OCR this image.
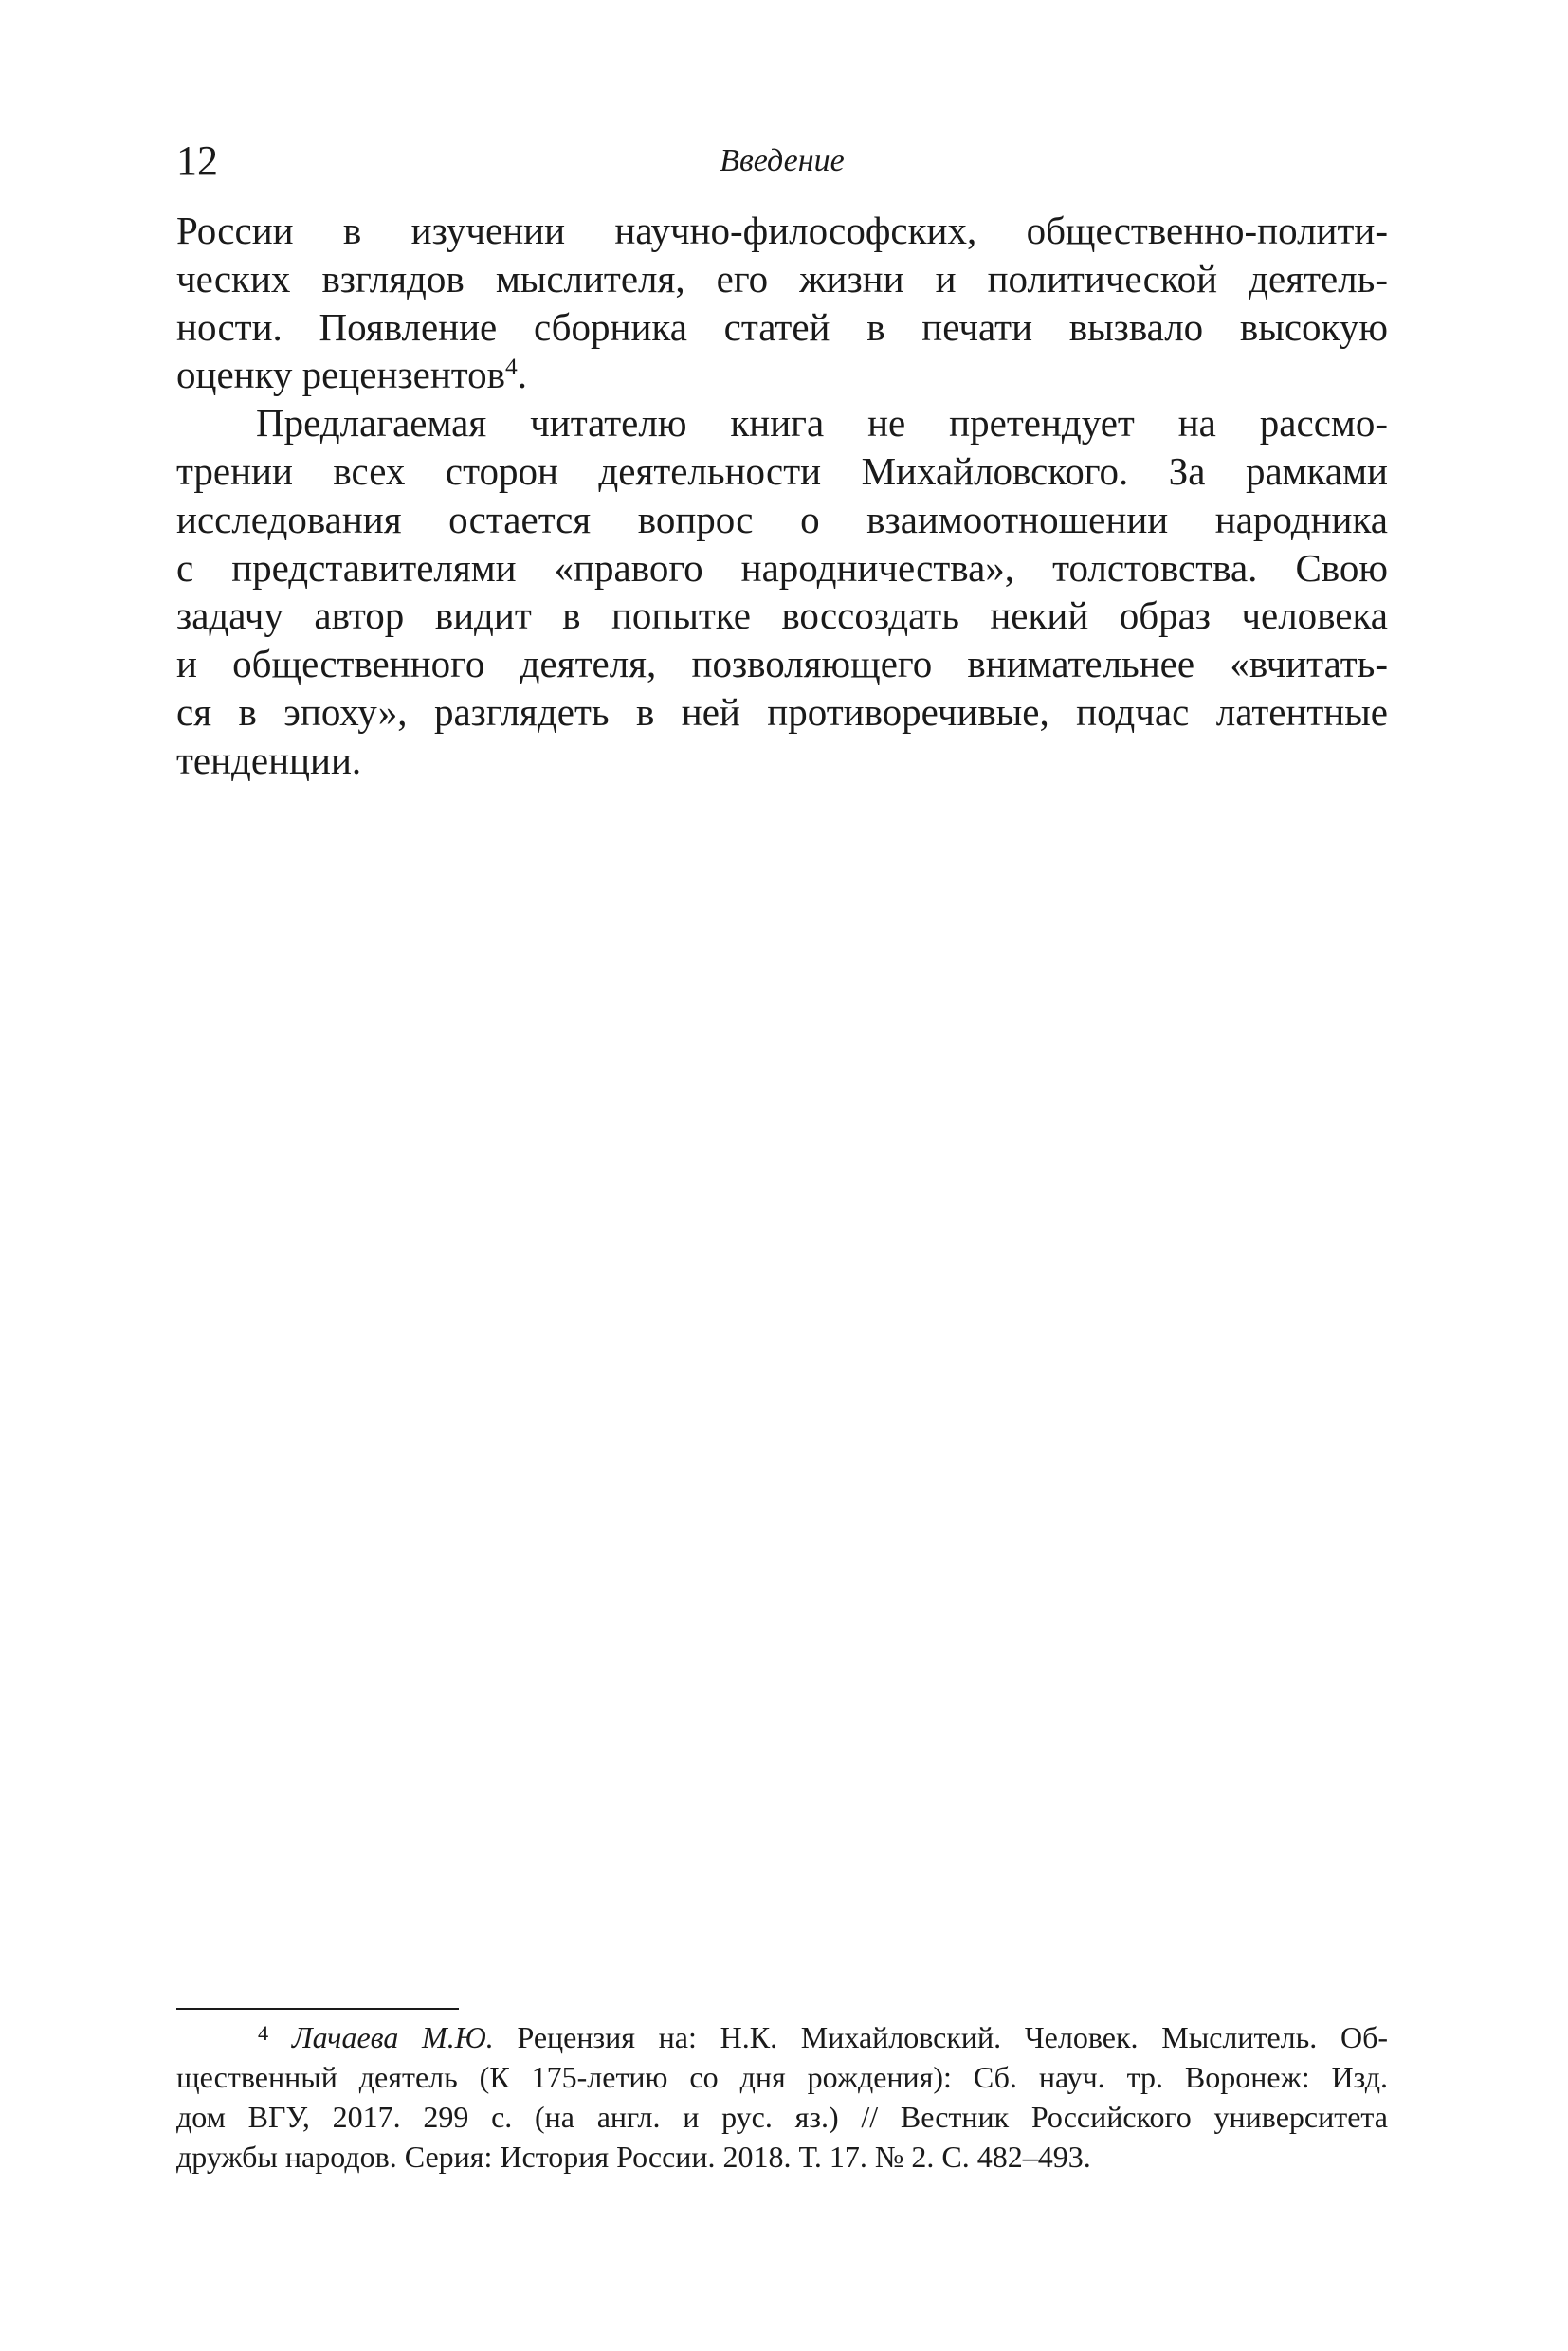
12	Введение
России в изучении научно-философских, общественно-полити-
ческих взглядов мыслителя, его жизни и политической деятель-
ности. Появление сборника статей в печати вызвало высокую
оценку рецензентов$^4$.
Предлагаемая читателю книга не претендует на рассмо-
трении всех сторон деятельности Михайловского. За рамками
исследования остается вопрос о взаимоотношении народника
с представителями «правого народничества», толстовства. Свою
задачу автор видит в попытке воссоздать некий образ человека
и общественного деятеля, позволяющего внимательнее «вчитать-
ся в эпоху», разглядеть в ней противоречивые, подчас латентные
тенденции.
$^4$ Лачаева М.Ю. Рецензия на: Н.К. Михайловский. Человек. Мыслитель. Об-
щественный деятель (К 175-летию со дня рождения): Сб. науч. тр. Воронеж: Изд.
дом ВГУ, 2017. 299 с. (на англ. и рус. яз.) // Вестник Российского университета
дружбы народов. Серия: История России. 2018. Т. 17. № 2. С. 482–493.
